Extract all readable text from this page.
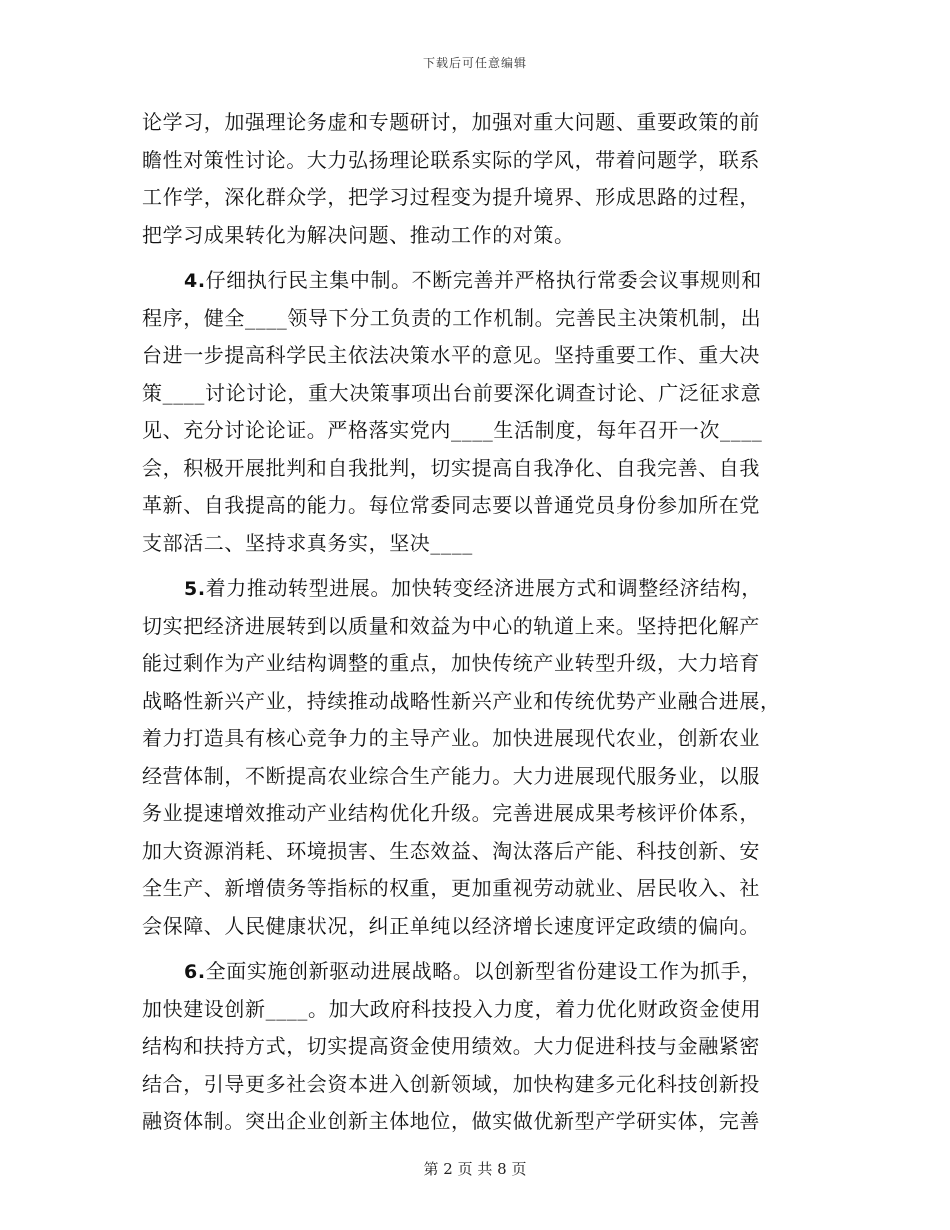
下载后可任意编辑
论学习，加强理论务虚和专题研讨，加强对重大问题、重要政策的前
瞻性对策性讨论。大力弘扬理论联系实际的学风，带着问题学，联系
工作学，深化群众学，把学习过程变为提升境界、形成思路的过程，
把学习成果转化为解决问题、推动工作的对策。
4.仔细执行民主集中制。不断完善并严格执行常委会议事规则和
程序，健全____领导下分工负责的工作机制。完善民主决策机制，出
台进一步提高科学民主依法决策水平的意见。坚持重要工作、重大决
策____讨论讨论，重大决策事项出台前要深化调查讨论、广泛征求意
见、充分讨论论证。严格落实党内____生活制度，每年召开一次____
会，积极开展批判和自我批判，切实提高自我净化、自我完善、自我
革新、自我提高的能力。每位常委同志要以普通党员身份参加所在党
支部活二、坚持求真务实，坚决____
5.着力推动转型进展。加快转变经济进展方式和调整经济结构，
切实把经济进展转到以质量和效益为中心的轨道上来。坚持把化解产
能过剩作为产业结构调整的重点，加快传统产业转型升级，大力培育
战略性新兴产业，持续推动战略性新兴产业和传统优势产业融合进展，
着力打造具有核心竞争力的主导产业。加快进展现代农业，创新农业
经营体制，不断提高农业综合生产能力。大力进展现代服务业，以服
务业提速增效推动产业结构优化升级。完善进展成果考核评价体系，
加大资源消耗、环境损害、生态效益、淘汰落后产能、科技创新、安
全生产、新增债务等指标的权重，更加重视劳动就业、居民收入、社
会保障、人民健康状况，纠正单纯以经济增长速度评定政绩的偏向。
6.全面实施创新驱动进展战略。以创新型省份建设工作为抓手，
加快建设创新____。加大政府科技投入力度，着力优化财政资金使用
结构和扶持方式，切实提高资金使用绩效。大力促进科技与金融紧密
结合，引导更多社会资本进入创新领域，加快构建多元化科技创新投
融资体制。突出企业创新主体地位，做实做优新型产学研实体，完善
第 2 页 共 8 页
